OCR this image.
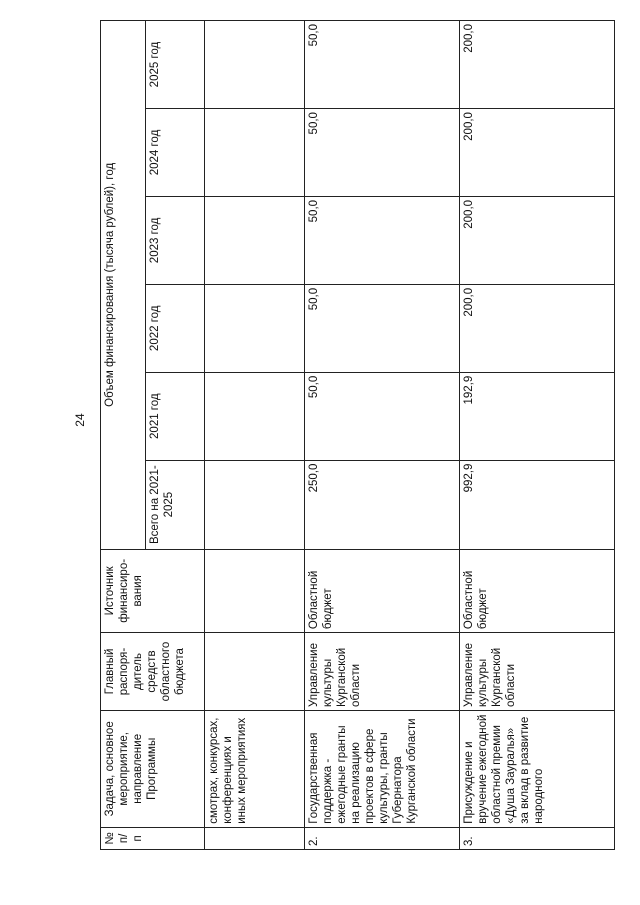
24
№ п/п	Задача, основное мероприятие, направление Программы	Главный распоря-дитель средств областного бюджета	Источник финансиро-вания	Объем финансирования (тысяча рублей), год					
				Всего на 2021-2025	2021 год	2022 год	2023 год	2024 год	2025 год
	смотрах, конкурсах, конференциях и иных мероприятиях								
2.	Государственная поддержка - ежегодные гранты на реализацию проектов в сфере культуры, гранты Губернатора Курганской области	Управление культуры Курганской области	Областной бюджет	250,0	50,0	50,0	50,0	50,0	50,0
3.	Присуждение и вручение ежегодной областной премии «Душа Зауралья» за вклад в развитие народного	Управление культуры Курганской области	Областной бюджет	992,9	192,9	200,0	200,0	200,0	200,0
